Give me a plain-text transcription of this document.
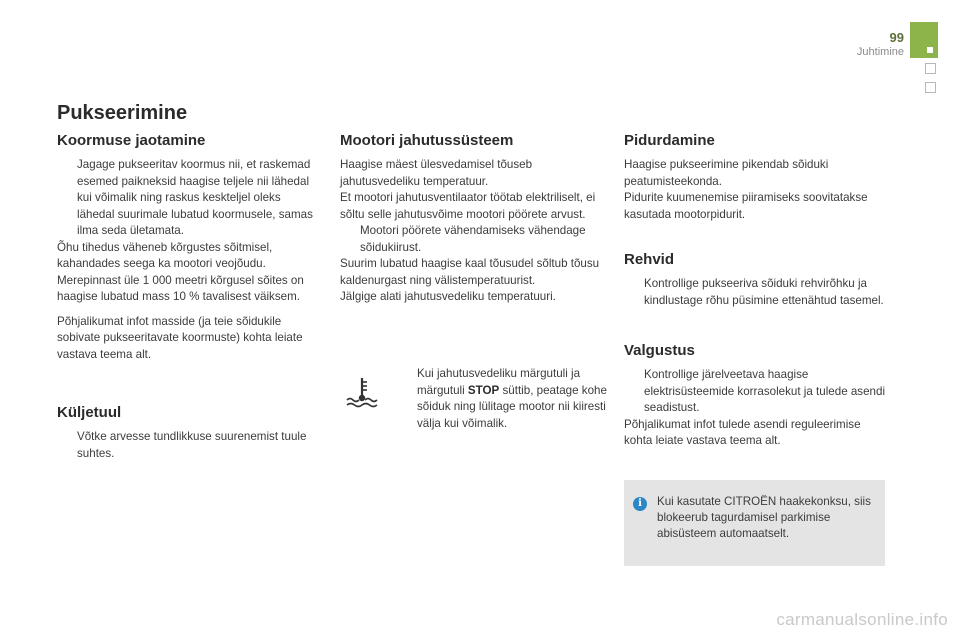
99
Juhtimine
Pukseerimine
Koormuse jaotamine

Jagage pukseeritav koormus nii, et raskemad esemed paikneksid haagise teljele nii lähedal kui võimalik ning raskus keskteljel oleks lähedal suurimale lubatud koormusele, samas ilma seda ületamata.

Õhu tihedus väheneb kõrgustes sõitmisel, kahandades seega ka mootori veojõudu. Merepinnast üle 1 000 meetri kõrgusel sõites on haagise lubatud mass 10 % tavalisest väiksem.

Põhjalikumat infot masside (ja teie sõidukile sobivate pukseeritavate koormuste) kohta leiate vastava teema alt.

Küljetuul

Võtke arvesse tundlikkuse suurenemist tuule suhtes.

Mootori jahutussüsteem

Haagise mäest ülesvedamisel tõuseb jahutusvedeliku temperatuur.

Et mootori jahutusventilaator töötab elektriliselt, ei sõltu selle jahutusvõime mootori pöörete arvust.

Mootori pöörete vähendamiseks vähendage sõidukiirust.

Suurim lubatud haagise kaal tõusudel sõltub tõusu kaldenurgast ning välistemperatuurist.

Jälgige alati jahutusvedeliku temperatuuri.

Kui jahutusvedeliku märgutuli ja märgutuli STOP süttib, peatage kohe sõiduk ning lülitage mootor nii kiiresti välja kui võimalik.
Pidurdamine

Haagise pukseerimine pikendab sõiduki peatumisteekonda.

Pidurite kuumenemise piiramiseks soovitatakse kasutada mootorpidurit.

Rehvid

Kontrollige pukseeriva sõiduki rehvirõhku ja kindlustage rõhu püsimine ettenähtud tasemel.

Valgustus

Kontrollige järelveetava haagise elektrisüsteemide korrasolekut ja tulede asendi seadistust.

Põhjalikumat infot tulede asendi reguleerimise kohta leiate vastava teema alt.

i	Kui kasutate CITROËN haakekonksu, siis blokeerub tagurdamisel parkimise abisüsteem automaatselt.
carmanualsonline.info
